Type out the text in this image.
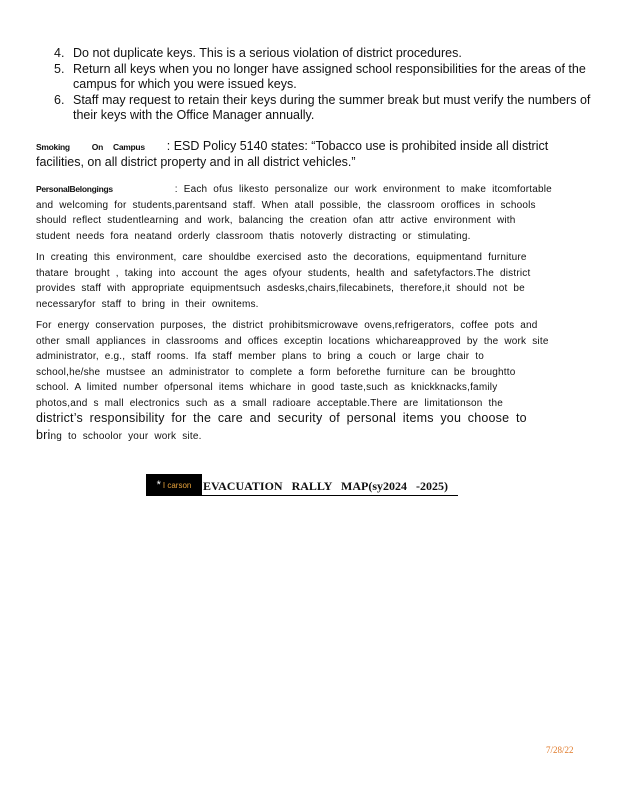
4. Do not duplicate keys. This is a serious violation of district procedures.
5. Return all keys when you no longer have assigned school responsibilities for the areas of the campus for which you were issued keys.
6. Staff may request to retain their keys during the summer break but must verify the numbers of their keys with the Office Manager annually.

Smoking	On Campus : ESD Policy 5140 states: “Tobacco use is prohibited inside all district facilities, on all district property and in all district vehicles.”

PersonalBelongings	: Each ofus likesto personalize our work environment to make itcomfortable and welcoming for students,parentsand staff. When atall possible, the classroom oroffices in schools should reflect studentlearning and work, balancing the creation ofan attr active environment with student needs fora neatand orderly classroom thatis notoverly distracting or stimulating.

In creating this environment, care shouldbe exercised asto the decorations, equipmentand furniture thatare brought , taking into account the ages ofyour students, health and safetyfactors.The district provides staff with appropriate equipmentsuch asdesks,chairs,filecabinets, therefore,it should not be necessaryfor staff to bring in their ownitems.

For energy conservation purposes, the district prohibitsmicrowave ovens,refrigerators, coffee pots and other small appliances in classrooms and offices exceptin locations whichareapproved by the work site administrator, e.g., staff rooms. Ifa staff member plans to bring a couch or large chair to school,he/she mustsee an administrator to complete a form beforethe furniture can be broughtto school. A limited number ofpersonal items whichare in good taste,such as knickknacks,family photos,and s mall electronics such as a small radioare acceptable.There are limitationson the district’s responsibility for the care and security of personal items you choose to bring to schoolor your work site.

* I carson EVACUATION RALLY MAP(sy2024 -2025)
7/28/22
